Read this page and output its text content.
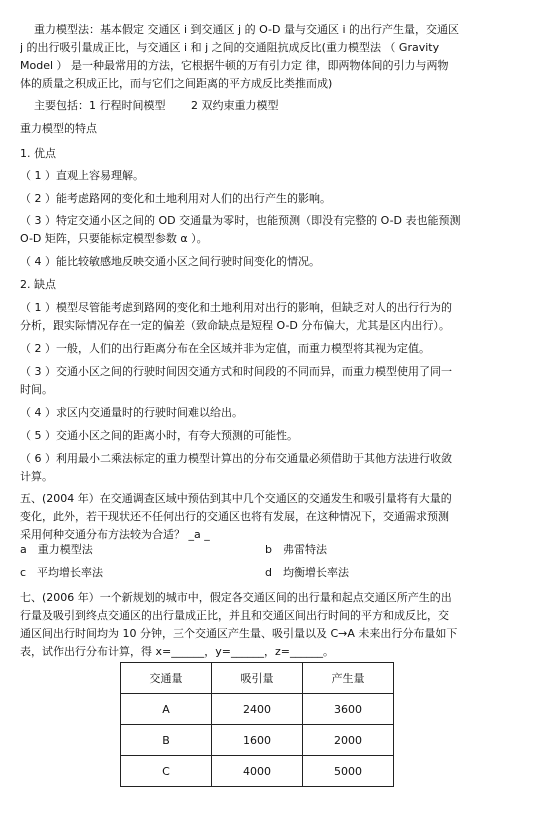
重力模型法：基本假定 交通区 i 到交通区 j 的 O-D 量与交通区 i 的出行产生量，交通区
j 的出行吸引量成正比，与交通区 i 和 j 之间的交通阻抗成反比(重力模型法 （ Gravity
Model ） 是一种最常用的方法，它根据牛顿的万有引力定 律，即两物体间的引力与两物
体的质量之积成正比，而与它们之间距离的平方成反比类推而成)
主要包括：1 行程时间模型　　 2 双约束重力模型
重力模型的特点
1. 优点
（ 1 ）直观上容易理解。
（ 2 ）能考虑路网的变化和土地利用对人们的出行产生的影响。
（ 3 ）特定交通小区之间的 OD 交通量为零时，也能预测（即没有完整的 O-D 表也能预测
O-D 矩阵，只要能标定模型参数 α ）。
（ 4 ）能比较敏感地反映交通小区之间行驶时间变化的情况。
2. 缺点
（ 1 ）模型尽管能考虑到路网的变化和土地利用对出行的影响，但缺乏对人的出行行为的
分析，跟实际情况存在一定的偏差（致命缺点是短程 O-D 分布偏大，尤其是区内出行）。
（ 2 ）一般，人们的出行距离分布在全区域并非为定值，而重力模型将其视为定值。
（ 3 ）交通小区之间的行驶时间因交通方式和时间段的不同而异，而重力模型使用了同一
时间。
（ 4 ）求区内交通量时的行驶时间难以给出。
（ 5 ）交通小区之间的距离小时，有夸大预测的可能性。
（ 6 ）利用最小二乘法标定的重力模型计算出的分布交通量必须借助于其他方法进行收敛
计算。
五、(2004 年）在交通调查区域中预估到其中几个交通区的交通发生和吸引量将有大量的
变化，此外，若干现状还不任何出行的交通区也将有发展，在这种情况下，交通需求预测
采用何种交通分布方法较为合适？ _a _
a　重力模型法	b　弗雷特法
c　平均增长率法	d　均衡增长率法
七、(2006 年）一个新规划的城市中，假定各交通区间的出行量和起点交通区所产生的出
行量及吸引到终点交通区的出行量成正比，并且和交通区间出行时间的平方和成反比，交
通区间出行时间均为 10 分钟，三个交通区产生量、吸引量以及 C→A 未来出行分布量如下
表，试作出行分布计算，得 x=______，y=______，z=______。
交通量	吸引量	产生量
A	2400	3600
B	1600	2000
C	4000	5000
